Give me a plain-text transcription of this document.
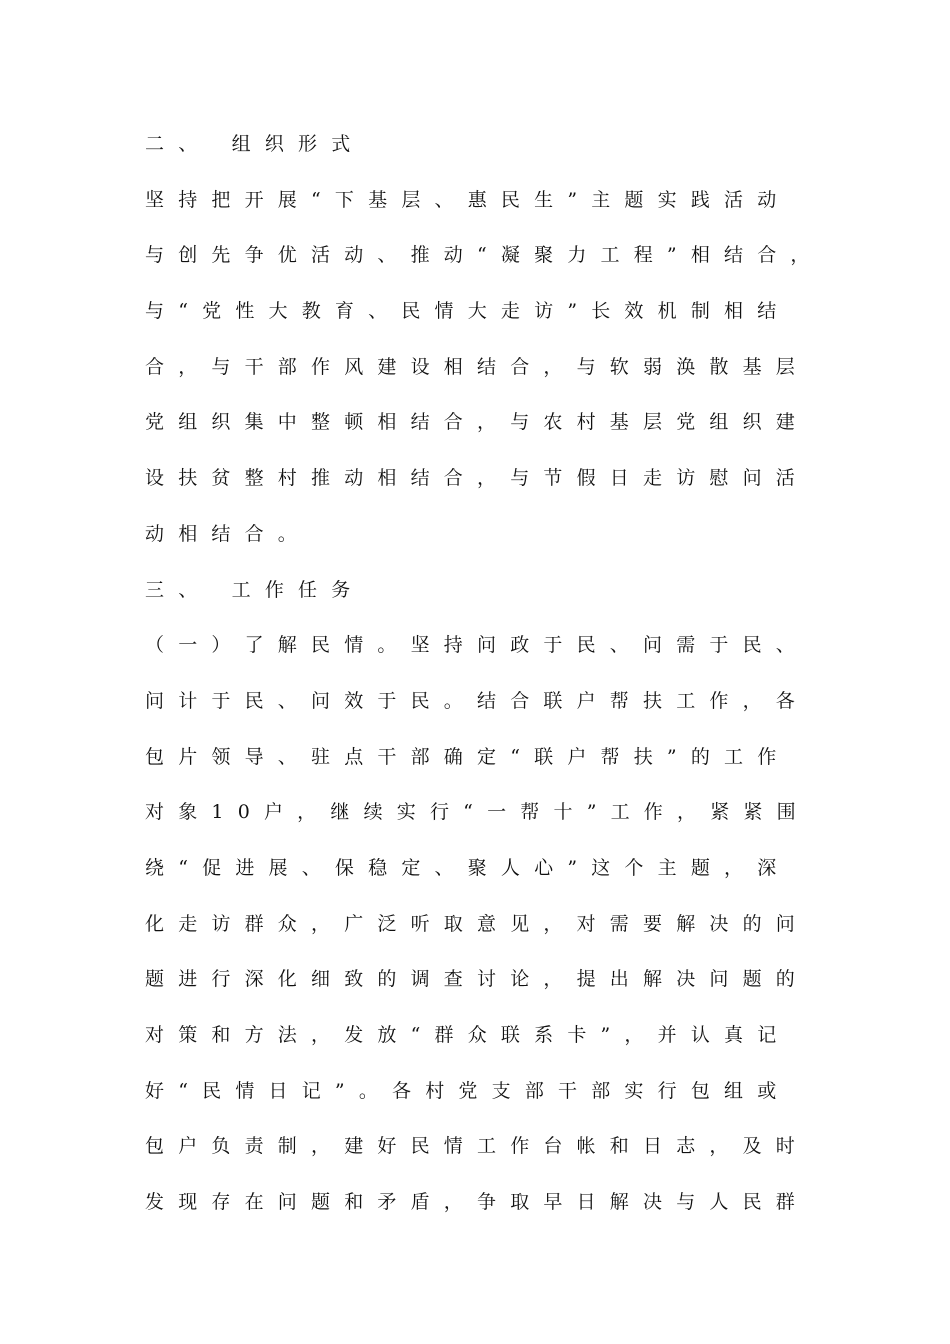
二、 组织形式
坚持把开展“下基层、惠民生”主题实践活动
与创先争优活动、推动“凝聚力工程”相结合，
与“党性大教育、民情大走访”长效机制相结
合，与干部作风建设相结合，与软弱涣散基层
党组织集中整顿相结合，与农村基层党组织建
设扶贫整村推动相结合，与节假日走访慰问活
动相结合。
三、 工作任务
（一）了解民情。坚持问政于民、问需于民、
问计于民、问效于民。结合联户帮扶工作，各
包片领导、驻点干部确定“联户帮扶”的工作
对象10户，继续实行“一帮十”工作，紧紧围
绕“促进展、保稳定、聚人心”这个主题，深
化走访群众，广泛听取意见，对需要解决的问
题进行深化细致的调查讨论，提出解决问题的
对策和方法，发放“群众联系卡”，并认真记
好“民情日记”。各村党支部干部实行包组或
包户负责制，建好民情工作台帐和日志，及时
发现存在问题和矛盾，争取早日解决与人民群
